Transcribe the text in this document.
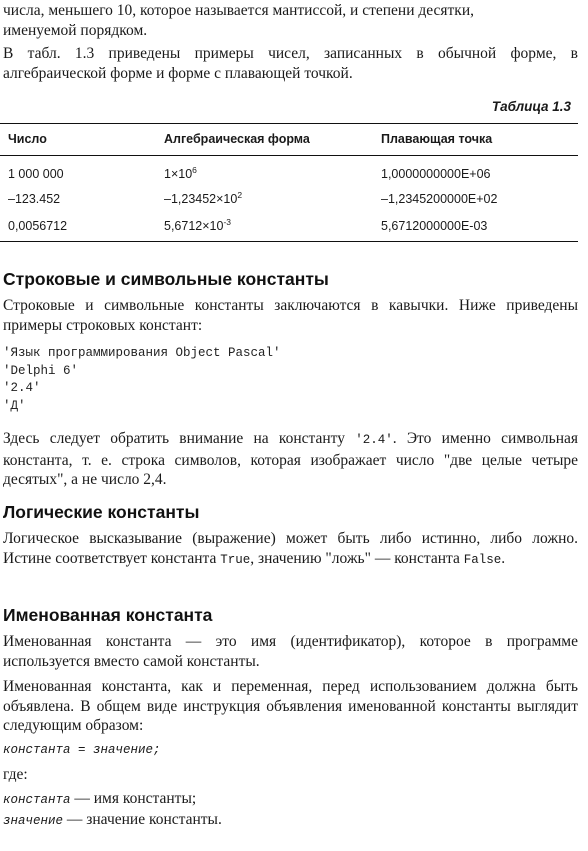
числа, меньшего 10, которое называется мантиссой, и степени десятки,
именуемой порядком.

В табл. 1.3 приведены примеры чисел, записанных в обычной форме, в алгебраической форме и форме с плавающей точкой.

Таблица 1.3
Число	Алгебраическая форма	Плавающая точка
1 000 000	$1\times 10^6$	1,0000000000E+06
–123.452	$-1,23452\times 10^2$	–1,2345200000E+02
0,0056712	$5,6712\times 10^{-3}$	5,6712000000E-03
Строковые и символьные константы

Строковые и символьные константы заключаются в кавычки. Ниже приведены примеры строковых констант:

'Язык программирования Object Pascal'
'Delphi 6'
'2.4'
'Д'

Здесь следует обратить внимание на константу '2.4'. Это именно символьная константа, т. е. строка символов, которая изображает число "две целые четыре десятых", а не число 2,4.

Логические константы

Логическое высказывание (выражение) может быть либо истинно, либо ложно. Истине соответствует константа True, значению "ложь" — константа False.

Именованная константа

Именованная константа — это имя (идентификатор), которое в программе используется вместо самой константы.

Именованная константа, как и переменная, перед использованием должна быть объявлена. В общем виде инструкция объявления именованной константы выглядит следующим образом:

константа = значение;
где:
константа — имя константы;
значение — значение константы.
